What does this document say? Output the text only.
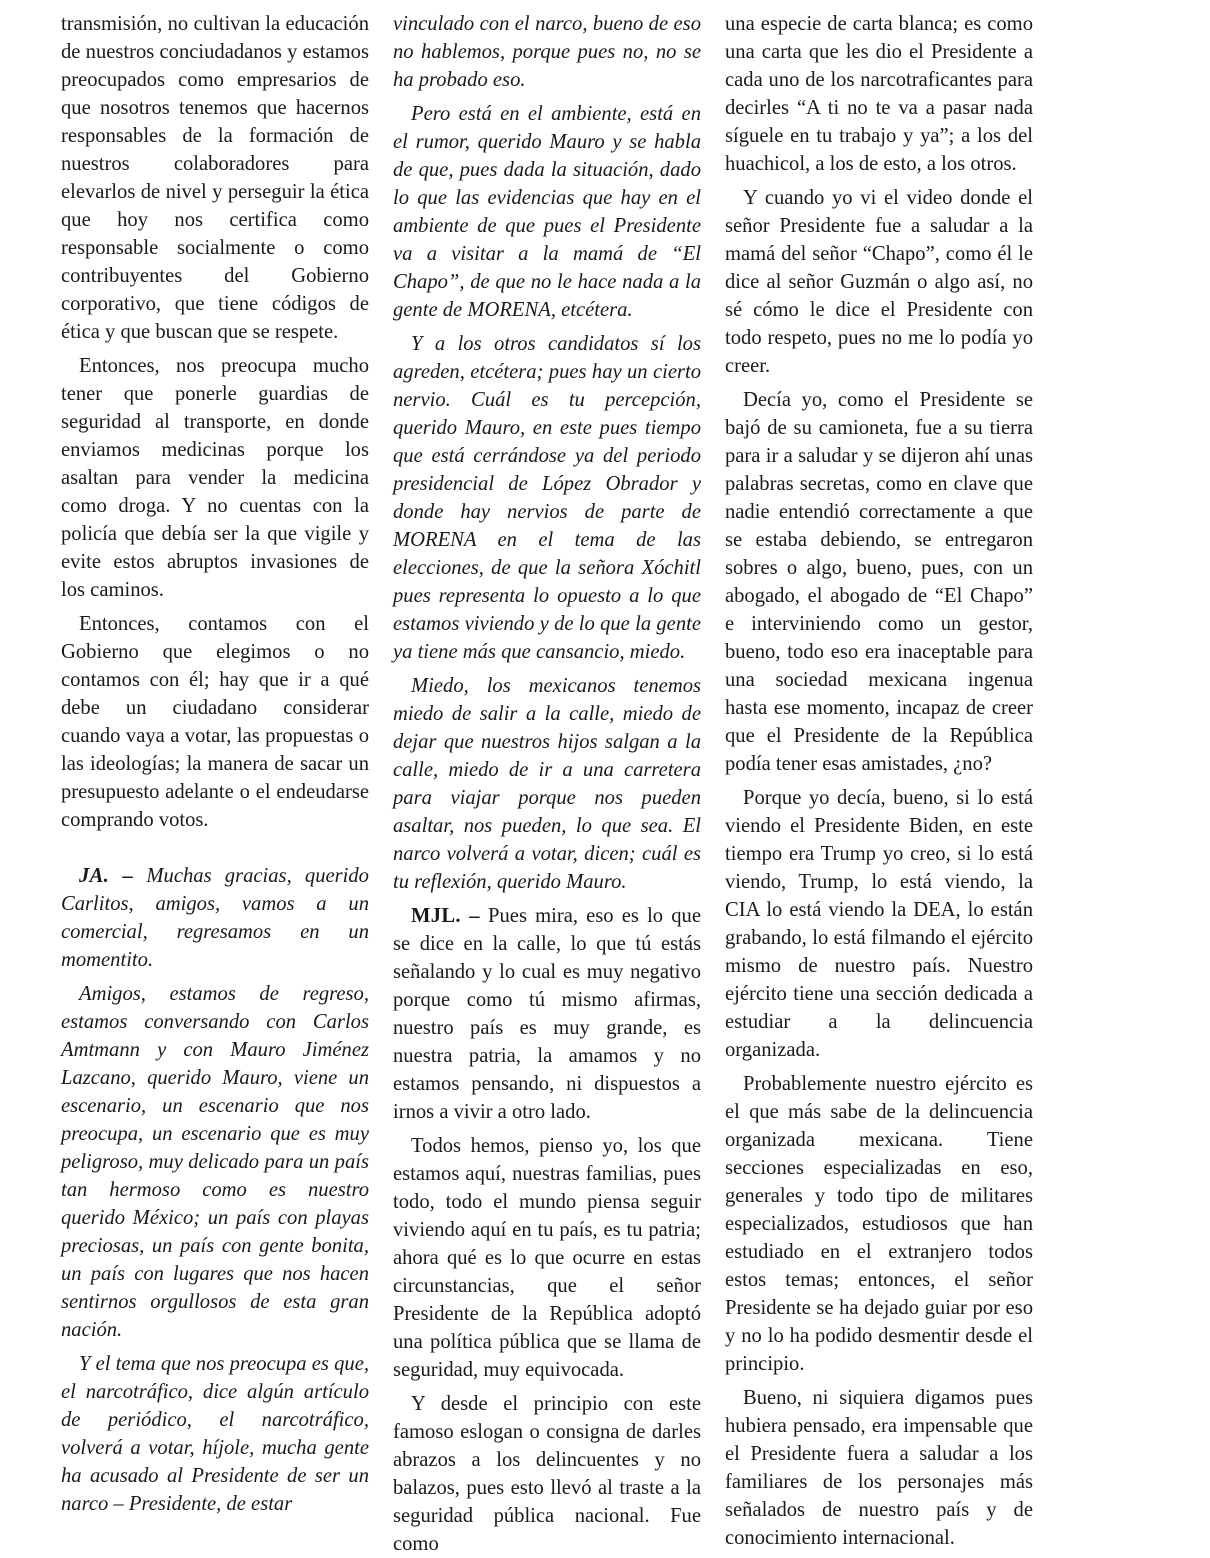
transmisión, no cultivan la educación de nuestros conciudadanos y estamos preocupados como empresarios de que nosotros tenemos que hacernos responsables de la formación de nuestros colaboradores para elevarlos de nivel y perseguir la ética que hoy nos certifica como responsable socialmente o como contribuyentes del Gobierno corporativo, que tiene códigos de ética y que buscan que se respete.

Entonces, nos preocupa mucho tener que ponerle guardias de seguridad al transporte, en donde enviamos medicinas porque los asaltan para vender la medicina como droga. Y no cuentas con la policía que debía ser la que vigile y evite estos abruptos invasiones de los caminos.

Entonces, contamos con el Gobierno que elegimos o no contamos con él; hay que ir a qué debe un ciudadano considerar cuando vaya a votar, las propuestas o las ideologías; la manera de sacar un presupuesto adelante o el endeudarse comprando votos.

JA. – Muchas gracias, querido Carlitos, amigos, vamos a un comercial, regresamos en un momentito.

Amigos, estamos de regreso, estamos conversando con Carlos Amtmann y con Mauro Jiménez Lazcano, querido Mauro, viene un escenario, un escenario que nos preocupa, un escenario que es muy peligroso, muy delicado para un país tan hermoso como es nuestro querido México; un país con playas preciosas, un país con gente bonita, un país con lugares que nos hacen sentirnos orgullosos de esta gran nación.

Y el tema que nos preocupa es que, el narcotráfico, dice algún artículo de periódico, el narcotráfico, volverá a votar, híjole, mucha gente ha acusado al Presidente de ser un narco – Presidente, de estar

vinculado con el narco, bueno de eso no hablemos, porque pues no, no se ha probado eso.

Pero está en el ambiente, está en el rumor, querido Mauro y se habla de que, pues dada la situación, dado lo que las evidencias que hay en el ambiente de que pues el Presidente va a visitar a la mamá de “El Chapo”, de que no le hace nada a la gente de MORENA, etcétera.

Y a los otros candidatos sí los agreden, etcétera; pues hay un cierto nervio. Cuál es tu percepción, querido Mauro, en este pues tiempo que está cerrándose ya del periodo presidencial de López Obrador y donde hay nervios de parte de MORENA en el tema de las elecciones, de que la señora Xóchitl pues representa lo opuesto a lo que estamos viviendo y de lo que la gente ya tiene más que cansancio, miedo.

Miedo, los mexicanos tenemos miedo de salir a la calle, miedo de dejar que nuestros hijos salgan a la calle, miedo de ir a una carretera para viajar porque nos pueden asaltar, nos pueden, lo que sea. El narco volverá a votar, dicen; cuál es tu reflexión, querido Mauro.

MJL. – Pues mira, eso es lo que se dice en la calle, lo que tú estás señalando y lo cual es muy negativo porque como tú mismo afirmas, nuestro país es muy grande, es nuestra patria, la amamos y no estamos pensando, ni dispuestos a irnos a vivir a otro lado.

Todos hemos, pienso yo, los que estamos aquí, nuestras familias, pues todo, todo el mundo piensa seguir viviendo aquí en tu país, es tu patria; ahora qué es lo que ocurre en estas circunstancias, que el señor Presidente de la República adoptó una política pública que se llama de seguridad, muy equivocada.

Y desde el principio con este famoso eslogan o consigna de darles abrazos a los delincuentes y no balazos, pues esto llevó al traste a la seguridad pública nacional. Fue como

una especie de carta blanca; es como una carta que les dio el Presidente a cada uno de los narcotraficantes para decirles “A ti no te va a pasar nada síguele en tu trabajo y ya”; a los del huachicol, a los de esto, a los otros.

Y cuando yo vi el video donde el señor Presidente fue a saludar a la mamá del señor “Chapo”, como él le dice al señor Guzmán o algo así, no sé cómo le dice el Presidente con todo respeto, pues no me lo podía yo creer.

Decía yo, como el Presidente se bajó de su camioneta, fue a su tierra para ir a saludar y se dijeron ahí unas palabras secretas, como en clave que nadie entendió correctamente a que se estaba debiendo, se entregaron sobres o algo, bueno, pues, con un abogado, el abogado de “El Chapo” e interviniendo como un gestor, bueno, todo eso era inaceptable para una sociedad mexicana ingenua hasta ese momento, incapaz de creer que el Presidente de la República podía tener esas amistades, ¿no?

Porque yo decía, bueno, si lo está viendo el Presidente Biden, en este tiempo era Trump yo creo, si lo está viendo, Trump, lo está viendo, la CIA lo está viendo la DEA, lo están grabando, lo está filmando el ejército mismo de nuestro país. Nuestro ejército tiene una sección dedicada a estudiar a la delincuencia organizada.

Probablemente nuestro ejército es el que más sabe de la delincuencia organizada mexicana. Tiene secciones especializadas en eso, generales y todo tipo de militares especializados, estudiosos que han estudiado en el extranjero todos estos temas; entonces, el señor Presidente se ha dejado guiar por eso y no lo ha podido desmentir desde el principio.

Bueno, ni siquiera digamos pues hubiera pensado, era impensable que el Presidente fuera a saludar a los familiares de los personajes más señalados de nuestro país y de conocimiento internacional.
